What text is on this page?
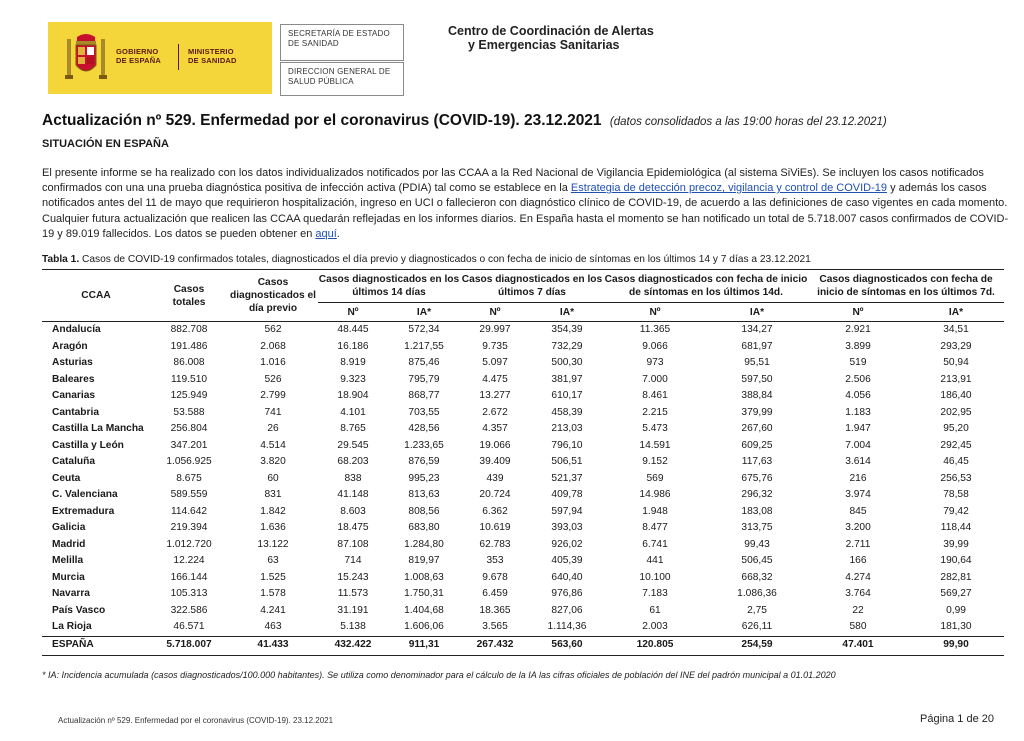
GOBIERNO
DE ESPAÑA
MINISTERIO
DE SANIDAD
SECRETARÍA DE ESTADO
DE SANIDAD
DIRECCION GENERAL DE
SALUD PÚBLICA
Centro de Coordinación de Alertas
y Emergencias Sanitarias
Actualización nº 529. Enfermedad por el coronavirus (COVID-19). 23.12.2021 (datos consolidados a las 19:00 horas del 23.12.2021)
SITUACIÓN EN ESPAÑA
El presente informe se ha realizado con los datos individualizados notificados por las CCAA a la Red Nacional de Vigilancia Epidemiológica (al sistema SiViEs). Se incluyen los casos notificados confirmados con una una prueba diagnóstica positiva de infección activa (PDIA) tal como se establece en la Estrategia de detección precoz, vigilancia y control de COVID-19 y además los casos notificados antes del 11 de mayo que requirieron hospitalización, ingreso en UCI o fallecieron con diagnóstico clínico de COVID-19, de acuerdo a las definiciones de caso vigentes en cada momento. Cualquier futura actualización que realicen las CCAA quedarán reflejadas en los informes diarios. En España hasta el momento se han notificado un total de 5.718.007 casos confirmados de COVID-19 y 89.019 fallecidos. Los datos se pueden obtener en aquí.
Tabla 1. Casos de COVID-19 confirmados totales, diagnosticados el día previo y diagnosticados o con fecha de inicio de síntomas en los últimos 14 y 7 días a 23.12.2021
CCAA	Casos totales	Casos diagnosticados el día previo	Casos diagnosticados en los últimos 14 días		Casos diagnosticados en los últimos 7 días		Casos diagnosticados con fecha de inicio de síntomas en los últimos 14d.		Casos diagnosticados con fecha de inicio de síntomas en los últimos 7d.	
			Nº	IA*	Nº	IA*	Nº	IA*	Nº	IA*
Andalucía	882.708	562	48.445	572,34	29.997	354,39	11.365	134,27	2.921	34,51
Aragón	191.486	2.068	16.186	1.217,55	9.735	732,29	9.066	681,97	3.899	293,29
Asturias	86.008	1.016	8.919	875,46	5.097	500,30	973	95,51	519	50,94
Baleares	119.510	526	9.323	795,79	4.475	381,97	7.000	597,50	2.506	213,91
Canarias	125.949	2.799	18.904	868,77	13.277	610,17	8.461	388,84	4.056	186,40
Cantabria	53.588	741	4.101	703,55	2.672	458,39	2.215	379,99	1.183	202,95
Castilla La Mancha	256.804	26	8.765	428,56	4.357	213,03	5.473	267,60	1.947	95,20
Castilla y León	347.201	4.514	29.545	1.233,65	19.066	796,10	14.591	609,25	7.004	292,45
Cataluña	1.056.925	3.820	68.203	876,59	39.409	506,51	9.152	117,63	3.614	46,45
Ceuta	8.675	60	838	995,23	439	521,37	569	675,76	216	256,53
C. Valenciana	589.559	831	41.148	813,63	20.724	409,78	14.986	296,32	3.974	78,58
Extremadura	114.642	1.842	8.603	808,56	6.362	597,94	1.948	183,08	845	79,42
Galicia	219.394	1.636	18.475	683,80	10.619	393,03	8.477	313,75	3.200	118,44
Madrid	1.012.720	13.122	87.108	1.284,80	62.783	926,02	6.741	99,43	2.711	39,99
Melilla	12.224	63	714	819,97	353	405,39	441	506,45	166	190,64
Murcia	166.144	1.525	15.243	1.008,63	9.678	640,40	10.100	668,32	4.274	282,81
Navarra	105.313	1.578	11.573	1.750,31	6.459	976,86	7.183	1.086,36	3.764	569,27
País Vasco	322.586	4.241	31.191	1.404,68	18.365	827,06	61	2,75	22	0,99
La Rioja	46.571	463	5.138	1.606,06	3.565	1.114,36	2.003	626,11	580	181,30
ESPAÑA	5.718.007	41.433	432.422	911,31	267.432	563,60	120.805	254,59	47.401	99,90
* IA: Incidencia acumulada (casos diagnosticados/100.000 habitantes). Se utiliza como denominador para el cálculo de la IA las cifras oficiales de población del INE del padrón municipal a 01.01.2020
Actualización nº 529. Enfermedad por el coronavirus (COVID-19). 23.12.2021	Página 1 de 20
